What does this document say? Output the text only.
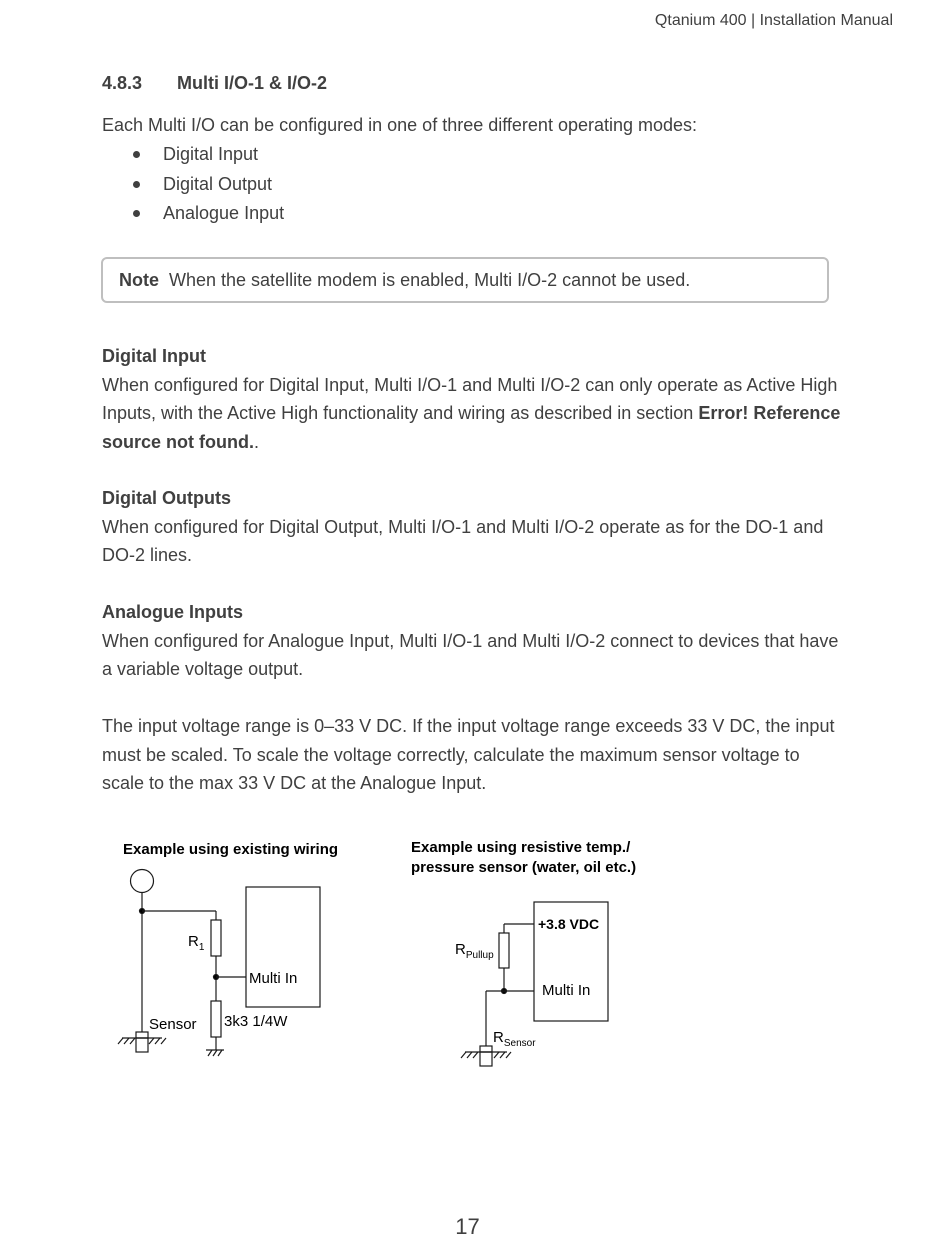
Qtanium 400 | Installation Manual
4.8.3 Multi I/O-1 & I/O-2
Each Multi I/O can be configured in one of three different operating modes:
Digital Input
Digital Output
Analogue Input
Note When the satellite modem is enabled, Multi I/O-2 cannot be used.
Digital Input

When configured for Digital Input, Multi I/O-1 and Multi I/O-2 can only operate as Active High Inputs, with the Active High functionality and wiring as described in section Error! Reference source not found..

Digital Outputs

When configured for Digital Output, Multi I/O-1 and Multi I/O-2 operate as for the DO-1 and DO-2 lines.

Analogue Inputs

When configured for Analogue Input, Multi I/O-1 and Multi I/O-2 connect to devices that have a variable voltage output.

The input voltage range is 0–33 V DC. If the input voltage range exceeds 33 V DC, the input must be scaled. To scale the voltage correctly, calculate the maximum sensor voltage to scale to the max 33 V DC at the Analogue Input.

Example using existing wiring
$R_1$
Multi In
Sensor 3k3 1/4W
Example using resistive temp./
pressure sensor (water, oil etc.)
+3.8 VDC
Multi In
$R_{Pullup}$
$R_{Sensor}$
17
